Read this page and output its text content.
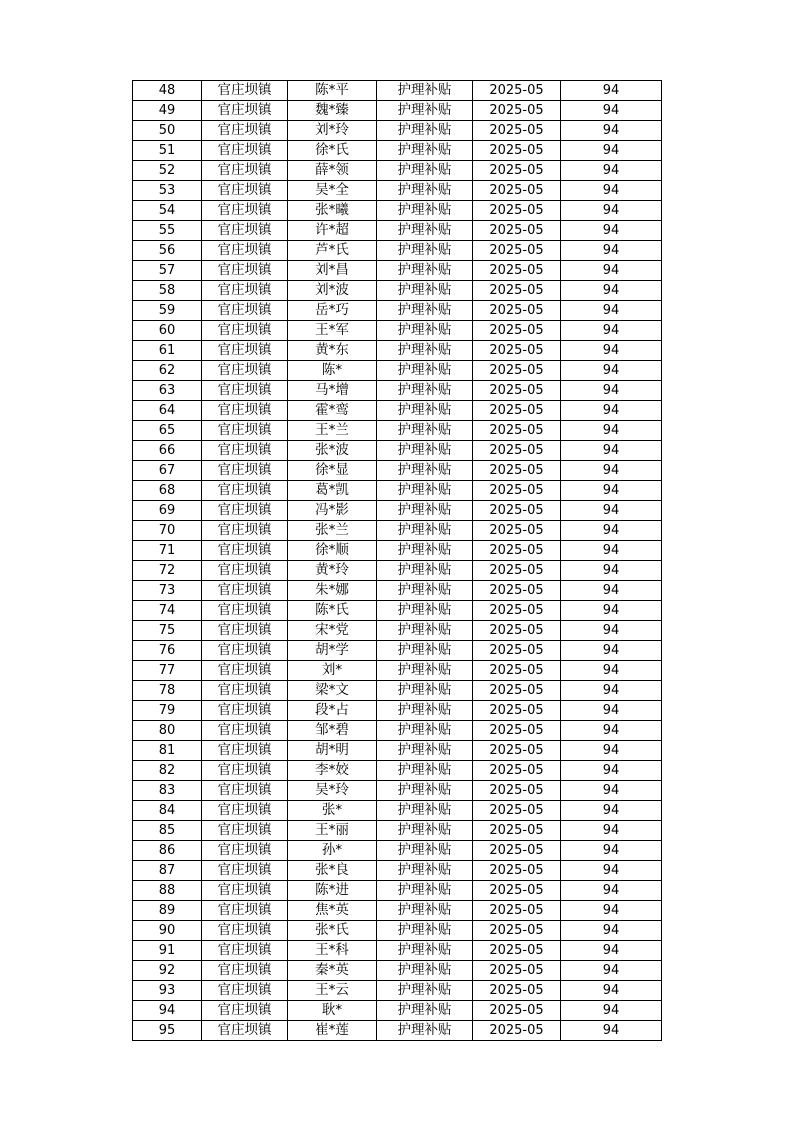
48	官庄坝镇	陈*平	护理补贴	2025-05	94
49	官庄坝镇	魏*臻	护理补贴	2025-05	94
50	官庄坝镇	刘*玲	护理补贴	2025-05	94
51	官庄坝镇	徐*氏	护理补贴	2025-05	94
52	官庄坝镇	薛*领	护理补贴	2025-05	94
53	官庄坝镇	吴*全	护理补贴	2025-05	94
54	官庄坝镇	张*曦	护理补贴	2025-05	94
55	官庄坝镇	许*超	护理补贴	2025-05	94
56	官庄坝镇	芦*氏	护理补贴	2025-05	94
57	官庄坝镇	刘*昌	护理补贴	2025-05	94
58	官庄坝镇	刘*波	护理补贴	2025-05	94
59	官庄坝镇	岳*巧	护理补贴	2025-05	94
60	官庄坝镇	王*军	护理补贴	2025-05	94
61	官庄坝镇	黄*东	护理补贴	2025-05	94
62	官庄坝镇	陈*	护理补贴	2025-05	94
63	官庄坝镇	马*增	护理补贴	2025-05	94
64	官庄坝镇	霍*鸾	护理补贴	2025-05	94
65	官庄坝镇	王*兰	护理补贴	2025-05	94
66	官庄坝镇	张*波	护理补贴	2025-05	94
67	官庄坝镇	徐*显	护理补贴	2025-05	94
68	官庄坝镇	葛*凯	护理补贴	2025-05	94
69	官庄坝镇	冯*影	护理补贴	2025-05	94
70	官庄坝镇	张*兰	护理补贴	2025-05	94
71	官庄坝镇	徐*顺	护理补贴	2025-05	94
72	官庄坝镇	黄*玲	护理补贴	2025-05	94
73	官庄坝镇	朱*娜	护理补贴	2025-05	94
74	官庄坝镇	陈*氏	护理补贴	2025-05	94
75	官庄坝镇	宋*党	护理补贴	2025-05	94
76	官庄坝镇	胡*学	护理补贴	2025-05	94
77	官庄坝镇	刘*	护理补贴	2025-05	94
78	官庄坝镇	梁*文	护理补贴	2025-05	94
79	官庄坝镇	段*占	护理补贴	2025-05	94
80	官庄坝镇	邹*碧	护理补贴	2025-05	94
81	官庄坝镇	胡*明	护理补贴	2025-05	94
82	官庄坝镇	李*姣	护理补贴	2025-05	94
83	官庄坝镇	吴*玲	护理补贴	2025-05	94
84	官庄坝镇	张*	护理补贴	2025-05	94
85	官庄坝镇	王*丽	护理补贴	2025-05	94
86	官庄坝镇	孙*	护理补贴	2025-05	94
87	官庄坝镇	张*良	护理补贴	2025-05	94
88	官庄坝镇	陈*进	护理补贴	2025-05	94
89	官庄坝镇	焦*英	护理补贴	2025-05	94
90	官庄坝镇	张*氏	护理补贴	2025-05	94
91	官庄坝镇	王*科	护理补贴	2025-05	94
92	官庄坝镇	秦*英	护理补贴	2025-05	94
93	官庄坝镇	王*云	护理补贴	2025-05	94
94	官庄坝镇	耿*	护理补贴	2025-05	94
95	官庄坝镇	崔*莲	护理补贴	2025-05	94
